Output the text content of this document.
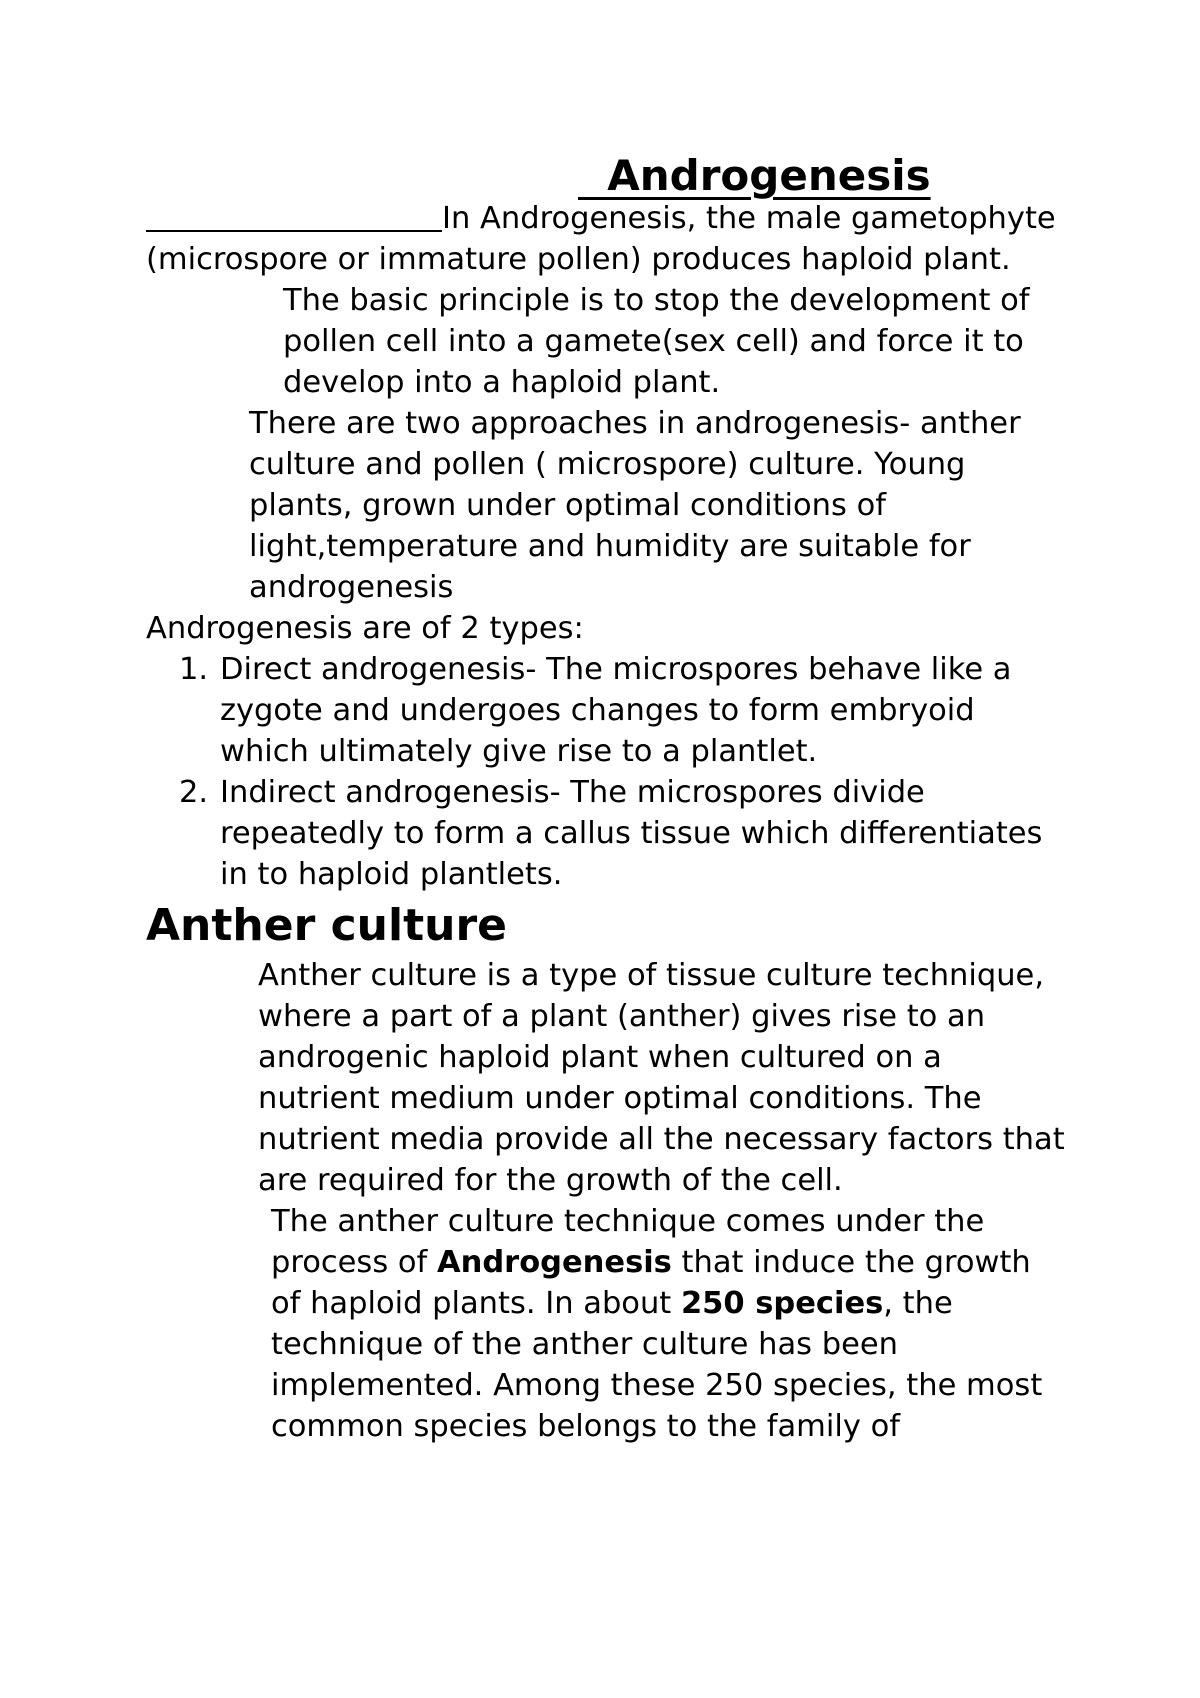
Androgenesis

In Androgenesis, the male gametophyte (microspore or immature pollen) produces haploid plant.

The basic principle is to stop the development of pollen cell into a gamete(sex cell) and force it to develop into a haploid plant.

There are two approaches in androgenesis- anther culture and pollen ( microspore) culture. Young plants, grown under optimal conditions of light,temperature and humidity are suitable for androgenesis

Androgenesis are of 2 types:

1. Direct androgenesis- The microspores behave like a zygote and undergoes changes to form embryoid which ultimately give rise to a plantlet.
2. Indirect androgenesis- The microspores divide repeatedly to form a callus tissue which differentiates in to haploid plantlets.
Anther culture

Anther culture is a type of tissue culture technique, where a part of a plant (anther) gives rise to an androgenic haploid plant when cultured on a nutrient medium under optimal conditions. The nutrient media provide all the necessary factors that are required for the growth of the cell.

The anther culture technique comes under the process of Androgenesis that induce the growth of haploid plants. In about 250 species, the technique of the anther culture has been implemented. Among these 250 species, the most common species belongs to the family of
